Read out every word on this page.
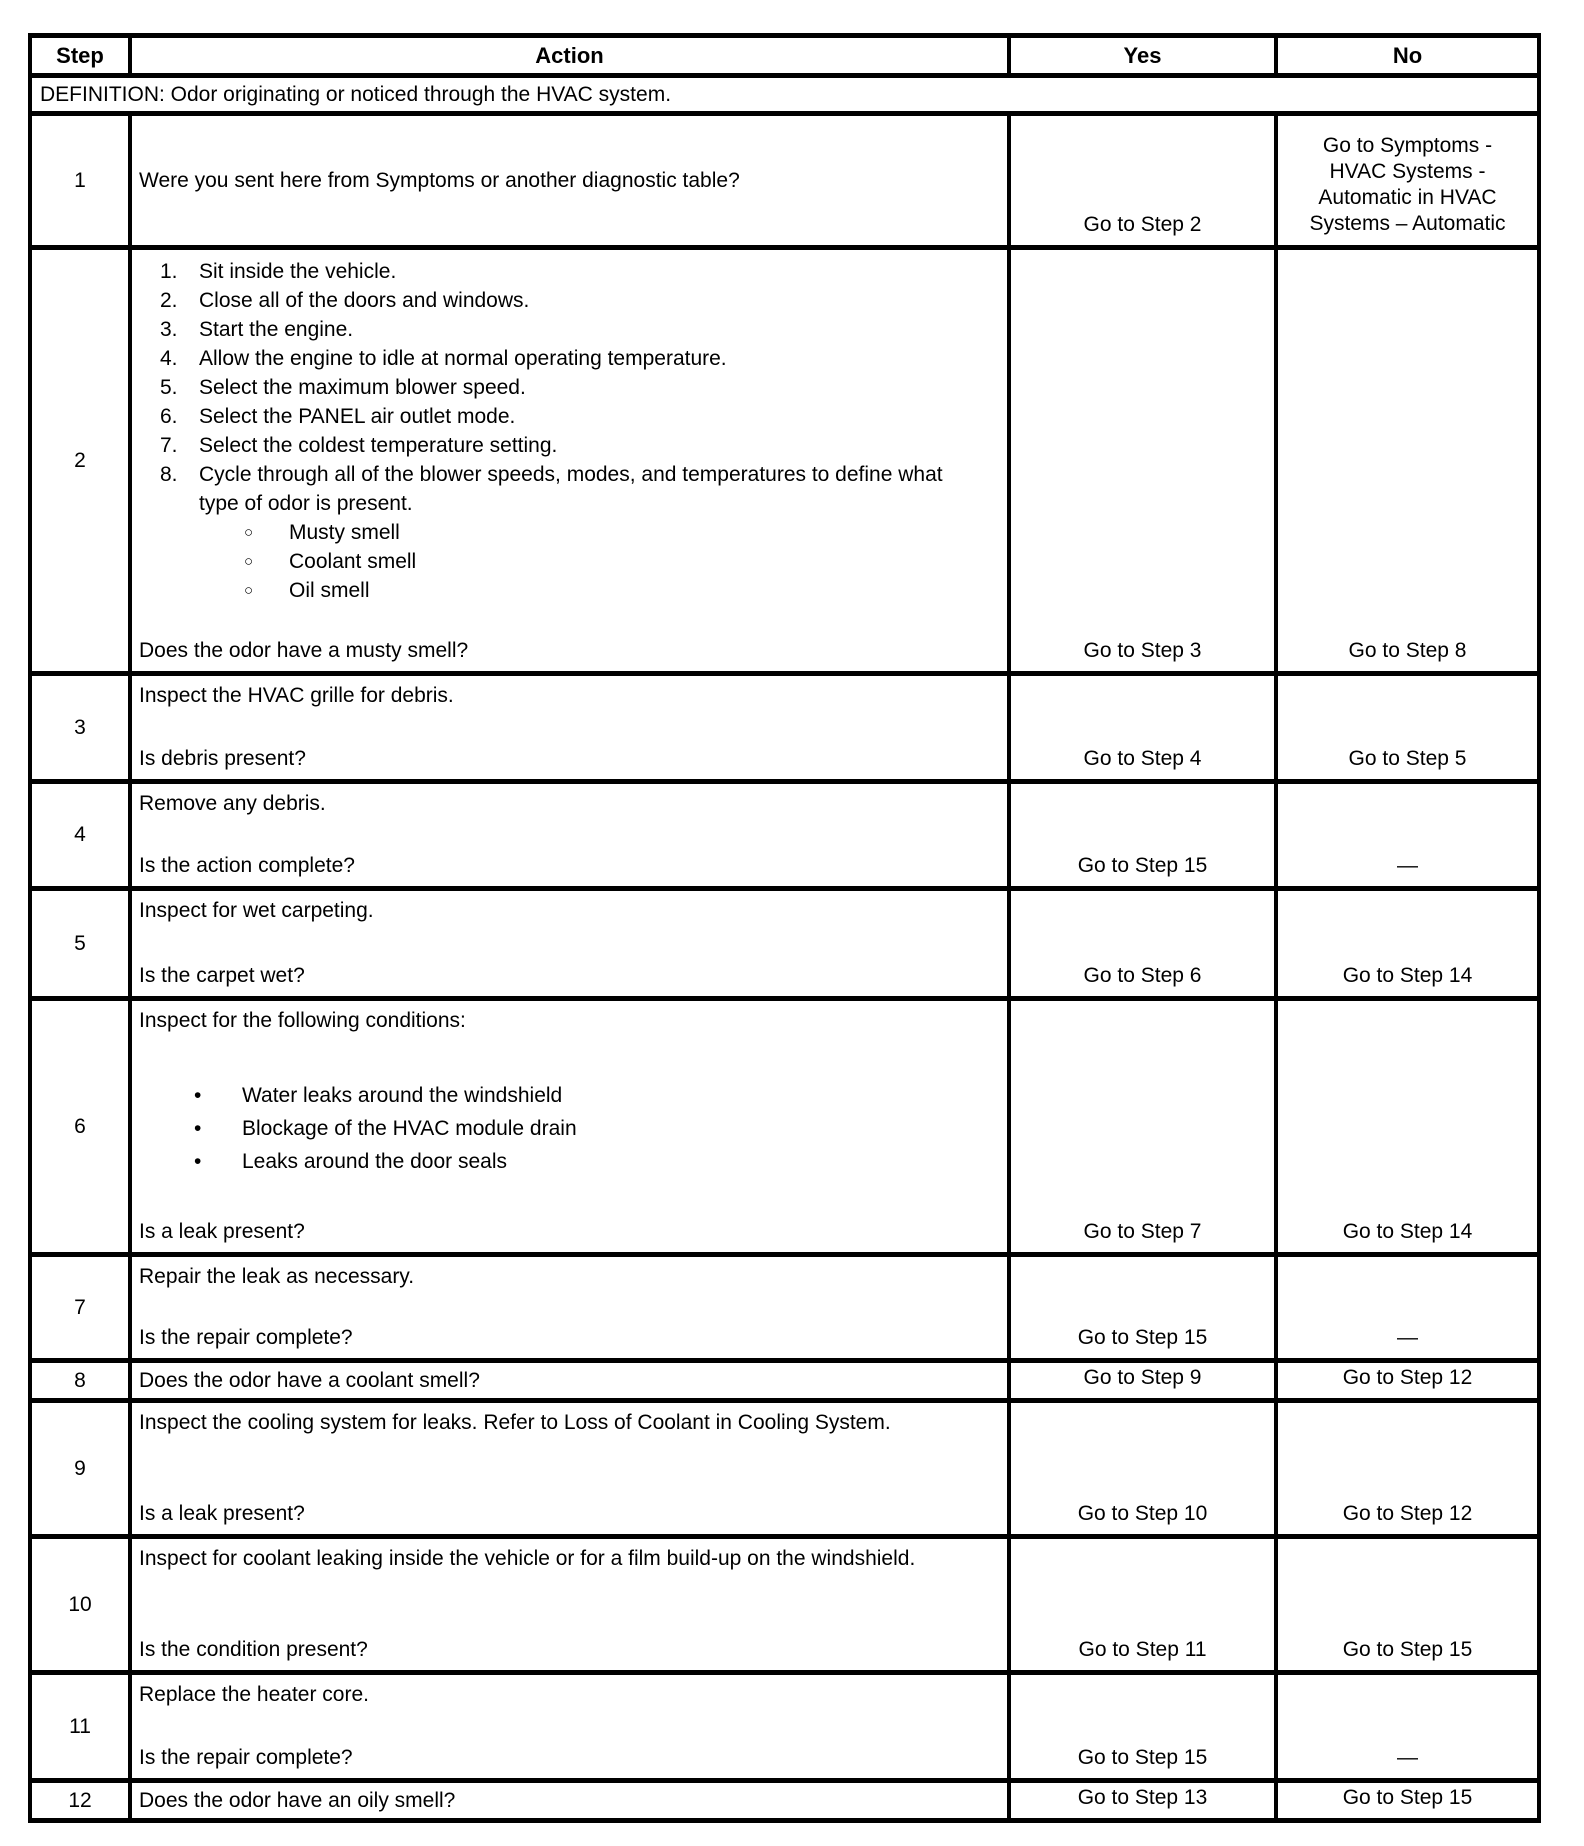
Step	Action	Yes	No
DEFINITION: Odor originating or noticed through the HVAC system.			
1	Were you sent here from Symptoms or another diagnostic table?	Go to Step 2	Go to Symptoms -
HVAC Systems -
Automatic in HVAC
Systems – Automatic

2	
1.	Sit inside the vehicle.
2.	Close all of the doors and windows.
3.	Start the engine.
4.	Allow the engine to idle at normal operating temperature.
5.	Select the maximum blower speed.
6.	Select the PANEL air outlet mode.
7.	Select the coldest temperature setting.
8.	Cycle through all of the blower speeds, modes, and temperatures to define what type of odor is present.
○	Musty smell
○	Coolant smell
○	Oil smell
Does the odor have a musty smell?	Go to Step 3	Go to Step 8
3	Inspect the HVAC grille for debris.
Is debris present?	Go to Step 4	Go to Step 5
4	Remove any debris.
Is the action complete?	Go to Step 15	—
5	Inspect for wet carpeting.
Is the carpet wet?	Go to Step 6	Go to Step 14
6	
Inspect for the following conditions:
•	Water leaks around the windshield
•	Blockage of the HVAC module drain
•	Leaks around the door seals
Is a leak present?	Go to Step 7	Go to Step 14
7	Repair the leak as necessary.
Is the repair complete?	Go to Step 15	—
8	Does the odor have a coolant smell?	Go to Step 9	Go to Step 12
9	Inspect the cooling system for leaks. Refer to Loss of Coolant in Cooling System.
Is a leak present?	Go to Step 10	Go to Step 12
10	Inspect for coolant leaking inside the vehicle or for a film build-up on the windshield.
Is the condition present?	Go to Step 11	Go to Step 15
11	Replace the heater core.
Is the repair complete?	Go to Step 15	—
12	Does the odor have an oily smell?	Go to Step 13	Go to Step 15
